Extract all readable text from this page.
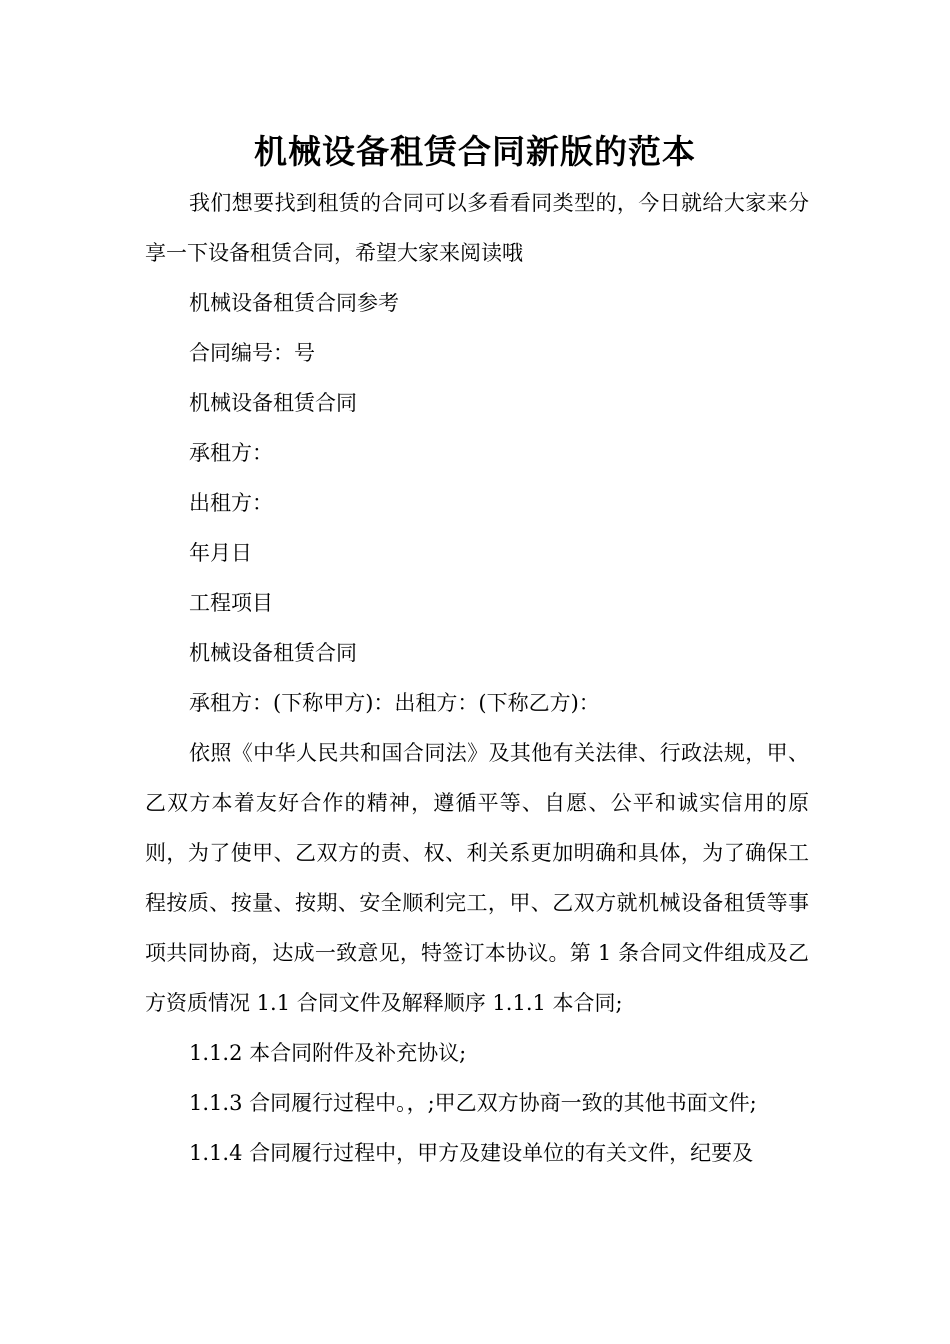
机械设备租赁合同新版的范本

我们想要找到租赁的合同可以多看看同类型的，今日就给大家来分享一下设备租赁合同，希望大家来阅读哦

机械设备租赁合同参考

合同编号：号

机械设备租赁合同

承租方：

出租方：

年月日

工程项目

机械设备租赁合同

承租方：(下称甲方)：出租方：(下称乙方)：

依照《中华人民共和国合同法》及其他有关法律、行政法规，甲、乙双方本着友好合作的精神，遵循平等、自愿、公平和诚实信用的原则，为了使甲、乙双方的责、权、利关系更加明确和具体，为了确保工程按质、按量、按期、安全顺利完工，甲、乙双方就机械设备租赁等事项共同协商，达成一致意见，特签订本协议。第 1 条合同文件组成及乙方资质情况 1.1 合同文件及解释顺序 1.1.1 本合同;

1.1.2 本合同附件及补充协议;

1.1.3 合同履行过程中。，;甲乙双方协商一致的其他书面文件;

1.1.4 合同履行过程中，甲方及建设单位的有关文件，纪要及
